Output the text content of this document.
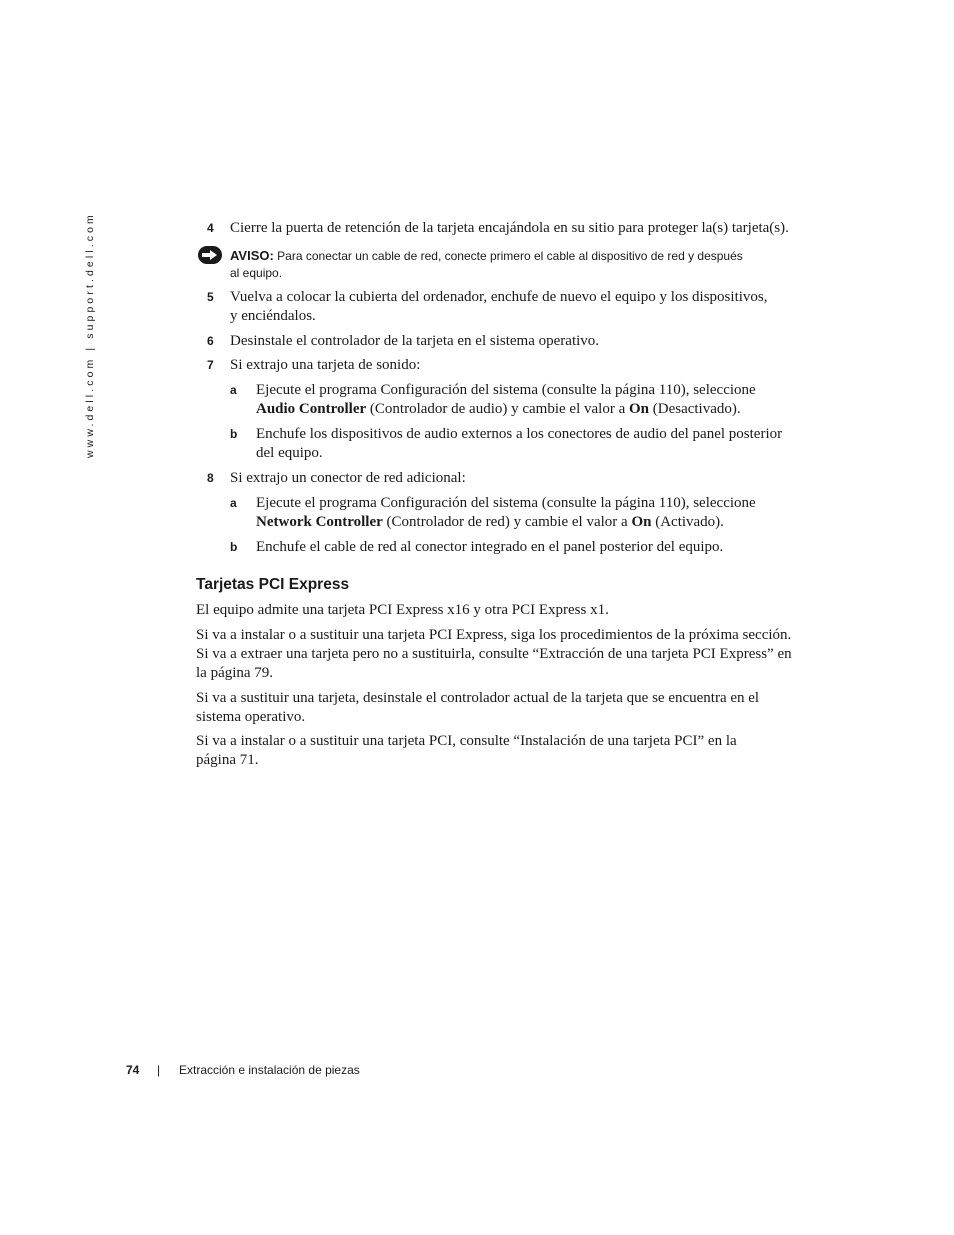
www.dell.com | support.dell.com	4 Cierre la puerta de retención de la tarjeta encajándola en su sitio para proteger la(s) tarjeta(s).
AVISO: Para conectar un cable de red, conecte primero el cable al dispositivo de red y después
al equipo.
5 Vuelva a colocar la cubierta del ordenador, enchufe de nuevo el equipo y los dispositivos,
y enciéndalos.
6 Desinstale el controlador de la tarjeta en el sistema operativo.
7 Si extrajo una tarjeta de sonido:
a Ejecute el programa Configuración del sistema (consulte la página 110), seleccione
Audio Controller (Controlador de audio) y cambie el valor a On (Desactivado).
b Enchufe los dispositivos de audio externos a los conectores de audio del panel posterior
del equipo.
8 Si extrajo un conector de red adicional:
a Ejecute el programa Configuración del sistema (consulte la página 110), seleccione
Network Controller (Controlador de red) y cambie el valor a On (Activado).
b Enchufe el cable de red al conector integrado en el panel posterior del equipo.
Tarjetas PCI Express
El equipo admite una tarjeta PCI Express x16 y otra PCI Express x1.
Si va a instalar o a sustituir una tarjeta PCI Express, siga los procedimientos de la próxima sección.
Si va a extraer una tarjeta pero no a sustituirla, consulte “Extracción de una tarjeta PCI Express” en
la página 79.
Si va a sustituir una tarjeta, desinstale el controlador actual de la tarjeta que se encuentra en el
sistema operativo.
Si va a instalar o a sustituir una tarjeta PCI, consulte “Instalación de una tarjeta PCI” en la
página 71.
74 | Extracción e instalación de piezas
